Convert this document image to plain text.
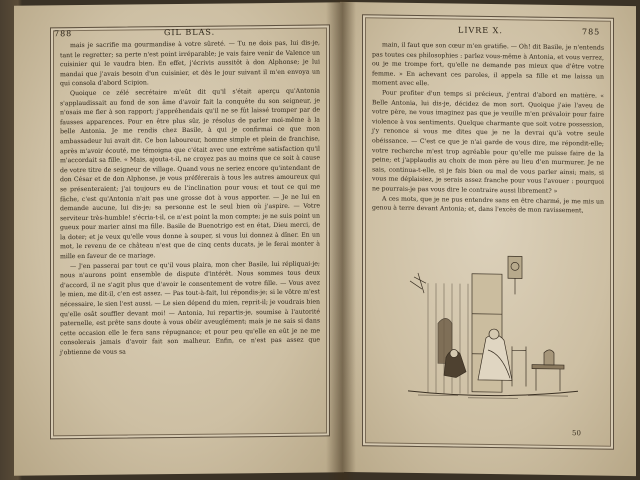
788	GIL BLAS.

mais je sacrifie ma gourmandise à votre sûreté. — Tu ne dois pas, lui dis-je, tant le regretter; sa perte n'est point irréparable; je vais faire venir de Valence un cuisinier qui le vaudra bien. En effet, j'écrivis aussitôt à don Alphonse; je lui mandai que j'avais besoin d'un cuisinier, et dès le jour suivant il m'en envoya un qui consola d'abord Scipion.

Quoique ce zélé secrétaire m'eût dit qu'il s'était aperçu qu'Antonia s'applaudissait au fond de son âme d'avoir fait la conquête du son seigneur, je n'osais me fier à son rapport; j'appréhendais qu'il ne se fût laissé tromper par de fausses apparences. Pour en être plus sûr, je résolus de parler moi-même à la belle Antonia. Je me rendis chez Basile, à qui je confirmai ce que mon ambassadeur lui avait dit. Ce bon laboureur, homme simple et plein de franchise, après m'avoir écouté, me témoigna que c'était avec une extrême satisfaction qu'il m'accordait sa fille. « Mais, ajouta-t-il, ne croyez pas au moins que ce soit à cause de votre titre de seigneur de village. Quand vous ne seriez encore qu'intendant de don César et de don Alphonse, je vous préférerais à tous les autres amoureux qui se présenteraient; j'ai toujours eu de l'inclination pour vous; et tout ce qui me fâche, c'est qu'Antonia n'ait pas une grosse dot à vous apporter. — Je ne lui en demande aucune, lui dis-je; sa personne est le seul bien où j'aspire. — Votre serviteur très-humble! s'écria-t-il, ce n'est point la mon compte; je ne suis point un gueux pour marier ainsi ma fille. Basile de Buenotrigo est en état, Dieu merci, de la doter; et je veux qu'elle vous donne à souper, si vous lui donnez à dîner. En un mot, le revenu de ce château n'est que de cinq cents ducats, je le ferai monter à mille en faveur de ce mariage.

— J'en passerai par tout ce qu'il vous plaira, mon cher Basile, lui répliquai-je; nous n'aurons point ensemble de dispute d'intérêt. Nous sommes tous deux d'accord, il ne s'agit plus que d'avoir le consentement de votre fille. — Vous avez le mien, me dit-il, c'en est assez. — Pas tout-à-fait, lui répondis-je; si le vôtre m'est nécessaire, le sien l'est aussi. — Le sien dépend du mien, reprit-il; je voudrais bien qu'elle osât souffler devant moi! — Antonia, lui repartis-je, soumise à l'autorité paternelle, est prête sans doute à vous obéir aveuglément; mais je ne sais si dans cette occasion elle le fera sans répugnance; et pour peu qu'elle en eût je ne me consolerais jamais d'avoir fait son malheur. Enfin, ce n'est pas assez que j'obtienne de vous sa

LIVRE X.	785

main, il faut que son cœur m'en gratifie. — Oh! dit Basile, je n'entends pas toutes ces philosophies : parlez vous-même à Antonia, et vous verrez, ou je me trompe fort, qu'elle ne demande pas mieux que d'être votre femme. » En achevant ces paroles, il appela sa fille et me laissa un moment avec elle.

Pour profiter d'un temps si précieux, j'entrai d'abord en matière. « Belle Antonia, lui dis-je, décidez de mon sort. Quoique j'aie l'aveu de votre père, ne vous imaginez pas que je veuille m'en prévaloir pour faire violence à vos sentiments. Quelque charmante que soit votre possession, j'y renonce si vous me dites que je ne la devrai qu'à votre seule obéissance. — C'est ce que je n'ai garde de vous dire, me répondit-elle; votre recherche m'est trop agréable pour qu'elle me puisse faire de la peine; et j'applaudis au choix de mon père au lieu d'en murmurer. Je ne sais, continua-t-elle, si je fais bien ou mal de vous parler ainsi; mais, si vous me déplaisiez, je serais assez franche pour vous l'avouer : pourquoi ne pourrais-je pas vous dire le contraire aussi librement? »

A ces mots, que je ne pus entendre sans en être charmé, je me mis un genou à terre devant Antonia; et, dans l'excès de mon ravissement,

50
